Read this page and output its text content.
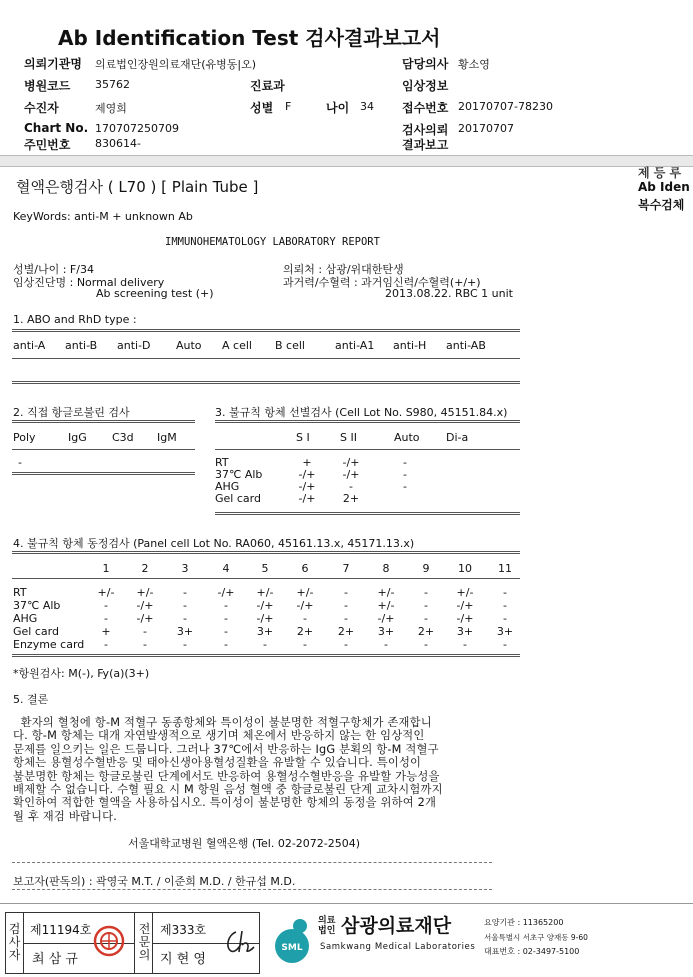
Ab Identification Test 검사결과보고서
의뢰기관명 의료법인장원의료재단(유병동|오)
병원코드 35762	진료과
수진자	제영희	성별 F	나이 34
Chart No. 170707250709
주민번호 830614-
담당의사 황소영
임상정보
접수번호 20170707-78230
검사의뢰 20170707
결과보고
혈액은행검사 ( L70 ) [ Plain Tube ]
제 등 루
Ab Iden
복수검체
KeyWords: anti-M + unknown Ab
IMMUNOHEMATOLOGY LABORATORY REPORT
성별/나이 : F/34
임상진단명 : Normal delivery
Ab screening test (+)
의뢰처 : 삼광/위대한탄생
과거력/수혈력 : 과거임신력/수혈력(+/+)
2013.08.22. RBC 1 unit
1. ABO and RhD type :
anti-A anti-B anti-D Auto A cell B cell	anti-A1 anti-H anti-AB
2. 직접 항글로불린 검사
Poly	IgG C3d IgM
-
3. 불규칙 항체 선별검사 (Cell Lot No. S980, 45151.84.x)
S I	S II	Auto Di-a
RT	+	-/+	-
37℃ Alb	-/+	-/+	-
AHG	-/+	-	-
Gel card	-/+	2+
4. 불규칙 항체 동정검사 (Panel cell Lot No. RA060, 45161.13.x, 45171.13.x)
1	2	3	4	5	6	7	8	9	10	11
RT	+/-	+/-	-	-/+	+/-	+/-	-	+/-	-	+/-	-
37℃ Alb	-	-/+	-	-	-/+	-/+	-	+/-	-	-/+	-
AHG	-	-/+	-	-	-/+	-	-	-/+	-	-/+	-
Gel card	+	-	3+	-	3+	2+	2+	3+	2+	3+	3+
Enzyme card	-	-	-	-	-	-	-	-	-	-	-
*항원검사: M(-), Fy(a)(3+)
5. 결론
환자의 혈청에 항-M 적혈구 동종항체와 특이성이 불분명한 적혈구항체가 존재합니
다. 항-M 항체는 대개 자연발생적으로 생기며 체온에서 반응하지 않는 한 임상적인
문제를 일으키는 일은 드뭅니다. 그러나 37℃에서 반응하는 IgG 분획의 항-M 적혈구
항체는 용혈성수혈반응 및 태아신생아용혈성질환을 유발할 수 있습니다. 특이성이
불분명한 항체는 항글로불린 단계에서도 반응하여 용혈성수혈반응을 유발할 가능성을
배제할 수 없습니다. 수혈 필요 시 M 항원 음성 혈액 중 항글로불린 단계 교차시험까지
확인하여 적합한 혈액을 사용하십시오. 특이성이 불분명한 항체의 동정을 위하여 2개
월 후 재검 바랍니다.
서울대학교병원 혈액은행 (Tel. 02-2072-2504)
보고자(판독의) : 곽영국 M.T. / 이준희 M.D. / 한규섭 M.D.
검사자
제11194호
최 삼 규
전문의
제333호
지 현 영
SML
의료
법인 삼광의료재단
Samkwang Medical Laboratories
요양기관 : 11365200
서울특별시 서초구 양재동 9-60
대표번호 : 02-3497-5100
